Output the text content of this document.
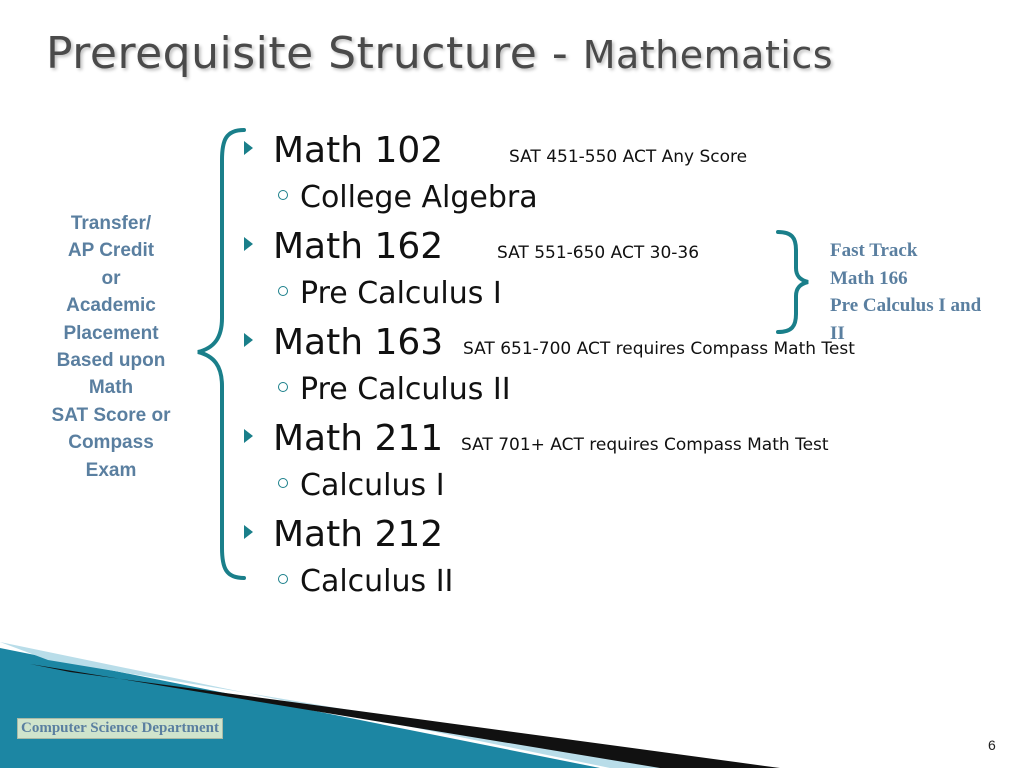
Prerequisite Structure - Mathematics
Transfer/
AP Credit
or
Academic
Placement
Based upon
Math
SAT Score or
Compass
Exam
Math 102	SAT 451-550 ACT Any Score
College Algebra
Math 162	SAT 551-650 ACT 30-36
Pre Calculus I
Math 163 SAT 651-700 ACT requires Compass Math Test
Pre Calculus II
Math 211 SAT 701+ ACT requires Compass Math Test
Calculus I
Math 212
Calculus II
Fast Track
Math 166
Pre Calculus I and
II
Computer Science Department
6
